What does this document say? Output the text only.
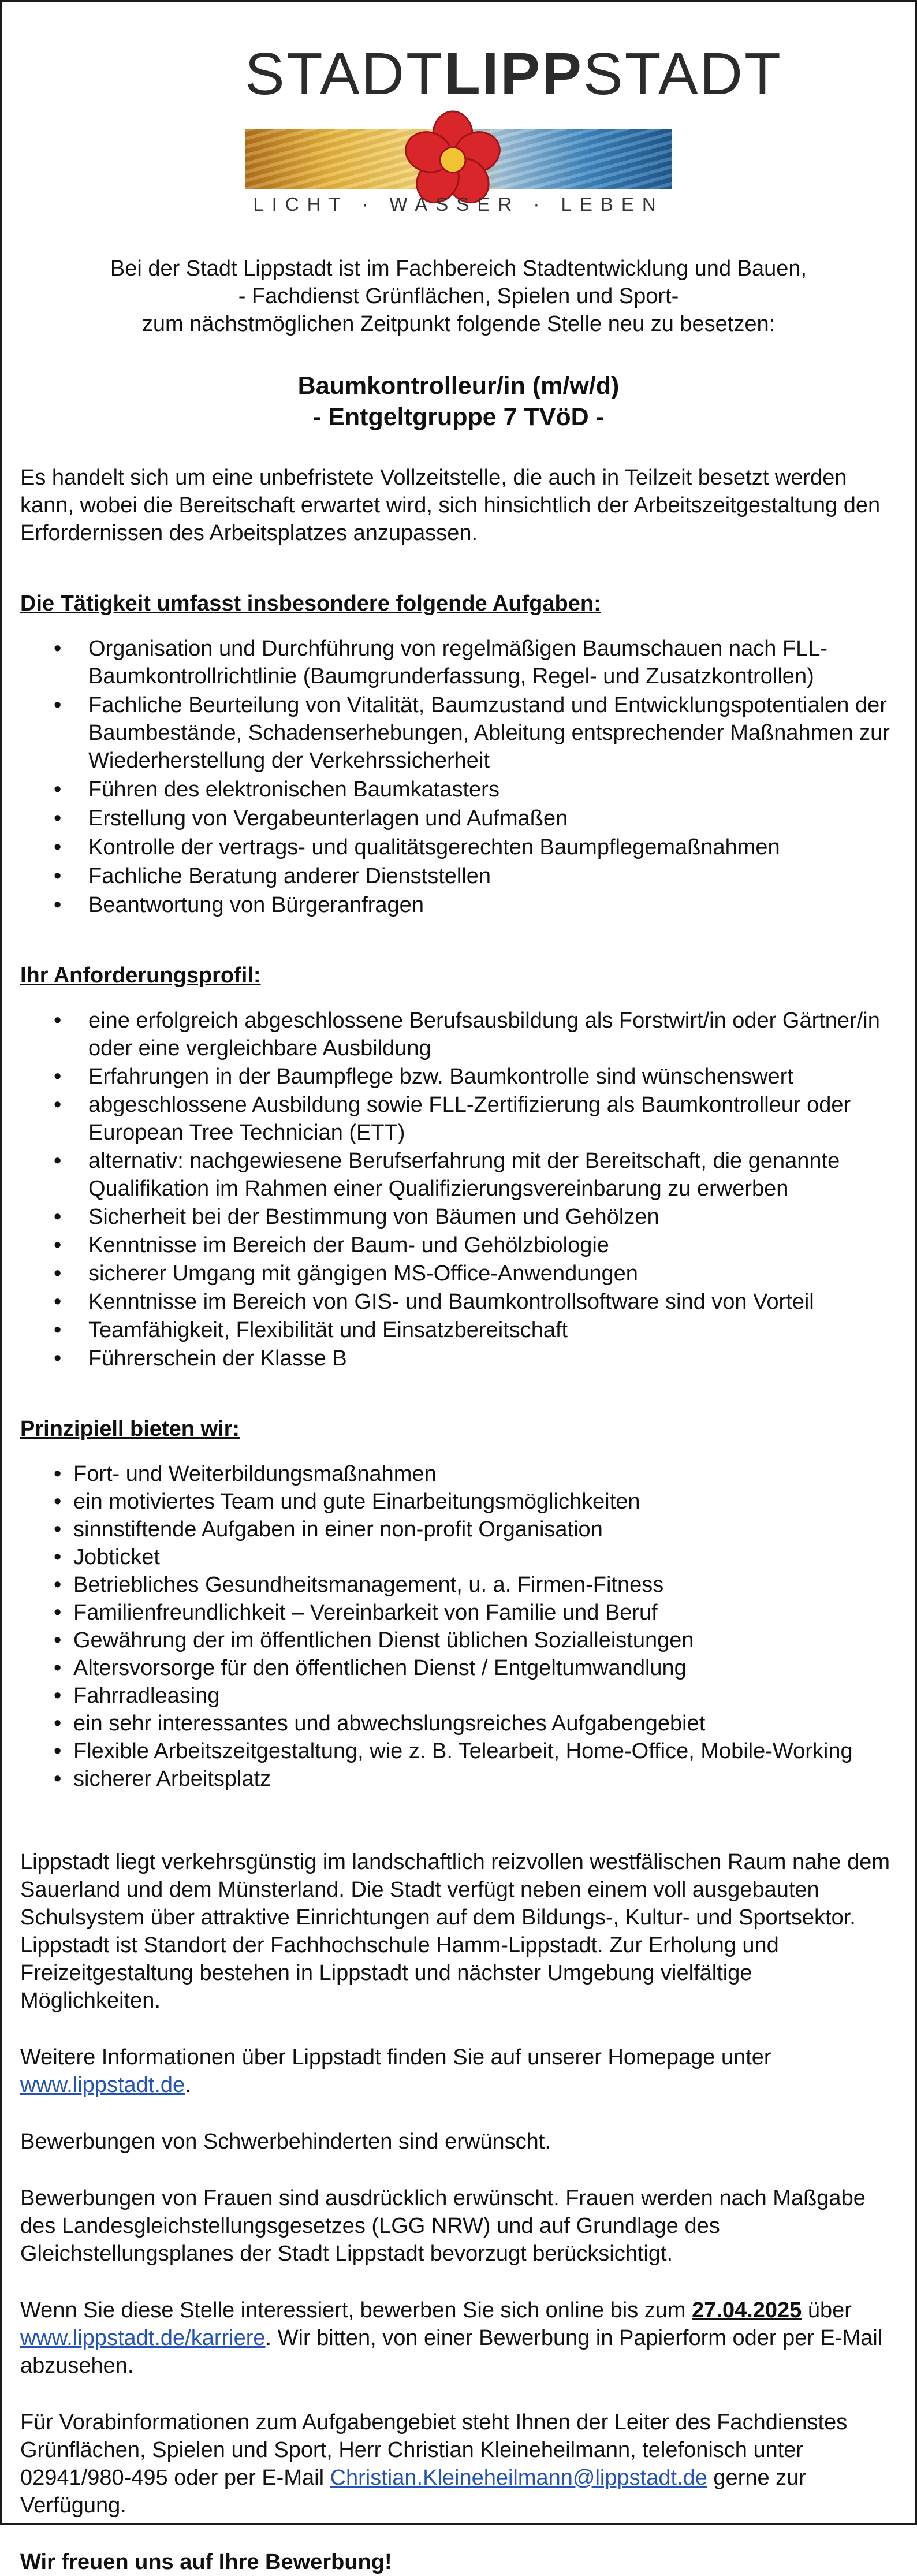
STADTLIPPSTADT
LICHT · WASSER · LEBEN

Bei der Stadt Lippstadt ist im Fachbereich Stadtentwicklung und Bauen,
- Fachdienst Grünflächen, Spielen und Sport-
zum nächstmöglichen Zeitpunkt folgende Stelle neu zu besetzen:

Baumkontrolleur/in (m/w/d)
- Entgeltgruppe 7 TVöD -

Es handelt sich um eine unbefristete Vollzeitstelle, die auch in Teilzeit besetzt werden kann, wobei die Bereitschaft erwartet wird, sich hinsichtlich der Arbeitszeitgestaltung den Erfordernissen des Arbeitsplatzes anzupassen.

Die Tätigkeit umfasst insbesondere folgende Aufgaben:
• Organisation und Durchführung von regelmäßigen Baumschauen nach FLL-Baumkontrollrichtlinie (Baumgrunderfassung, Regel- und Zusatzkontrollen)
• Fachliche Beurteilung von Vitalität, Baumzustand und Entwicklungspotentialen der Baumbestände, Schadenserhebungen, Ableitung entsprechender Maßnahmen zur Wiederherstellung der Verkehrssicherheit
• Führen des elektronischen Baumkatasters
• Erstellung von Vergabeunterlagen und Aufmaßen
• Kontrolle der vertrags- und qualitätsgerechten Baumpflegemaßnahmen
• Fachliche Beratung anderer Dienststellen
• Beantwortung von Bürgeranfragen
Ihr Anforderungsprofil:
• eine erfolgreich abgeschlossene Berufsausbildung als Forstwirt/in oder Gärtner/in oder eine vergleichbare Ausbildung
• Erfahrungen in der Baumpflege bzw. Baumkontrolle sind wünschenswert
• abgeschlossene Ausbildung sowie FLL-Zertifizierung als Baumkontrolleur oder European Tree Technician (ETT)
• alternativ: nachgewiesene Berufserfahrung mit der Bereitschaft, die genannte Qualifikation im Rahmen einer Qualifizierungsvereinbarung zu erwerben
• Sicherheit bei der Bestimmung von Bäumen und Gehölzen
• Kenntnisse im Bereich der Baum- und Gehölzbiologie
• sicherer Umgang mit gängigen MS-Office-Anwendungen
• Kenntnisse im Bereich von GIS- und Baumkontrollsoftware sind von Vorteil
• Teamfähigkeit, Flexibilität und Einsatzbereitschaft
• Führerschein der Klasse B
Prinzipiell bieten wir:
• Fort- und Weiterbildungsmaßnahmen
• ein motiviertes Team und gute Einarbeitungsmöglichkeiten
• sinnstiftende Aufgaben in einer non-profit Organisation
• Jobticket
• Betriebliches Gesundheitsmanagement, u. a. Firmen-Fitness
• Familienfreundlichkeit – Vereinbarkeit von Familie und Beruf
• Gewährung der im öffentlichen Dienst üblichen Sozialleistungen
• Altersvorsorge für den öffentlichen Dienst / Entgeltumwandlung
• Fahrradleasing
• ein sehr interessantes und abwechslungsreiches Aufgabengebiet
• Flexible Arbeitszeitgestaltung, wie z. B. Telearbeit, Home-Office, Mobile-Working
• sicherer Arbeitsplatz

Lippstadt liegt verkehrsgünstig im landschaftlich reizvollen westfälischen Raum nahe dem Sauerland und dem Münsterland. Die Stadt verfügt neben einem voll ausgebauten Schulsystem über attraktive Einrichtungen auf dem Bildungs-, Kultur- und Sportsektor. Lippstadt ist Standort der Fachhochschule Hamm-Lippstadt. Zur Erholung und Freizeitgestaltung bestehen in Lippstadt und nächster Umgebung vielfältige Möglichkeiten.

Weitere Informationen über Lippstadt finden Sie auf unserer Homepage unter www.lippstadt.de.

Bewerbungen von Schwerbehinderten sind erwünscht.

Bewerbungen von Frauen sind ausdrücklich erwünscht. Frauen werden nach Maßgabe des Landesgleichstellungsgesetzes (LGG NRW) und auf Grundlage des Gleichstellungsplanes der Stadt Lippstadt bevorzugt berücksichtigt.

Wenn Sie diese Stelle interessiert, bewerben Sie sich online bis zum 27.04.2025 über www.lippstadt.de/karriere. Wir bitten, von einer Bewerbung in Papierform oder per E-Mail abzusehen.

Für Vorabinformationen zum Aufgabengebiet steht Ihnen der Leiter des Fachdienstes Grünflächen, Spielen und Sport, Herr Christian Kleineheilmann, telefonisch unter 02941/980-495 oder per E-Mail Christian.Kleineheilmann@lippstadt.de gerne zur Verfügung.

Wir freuen uns auf Ihre Bewerbung!
